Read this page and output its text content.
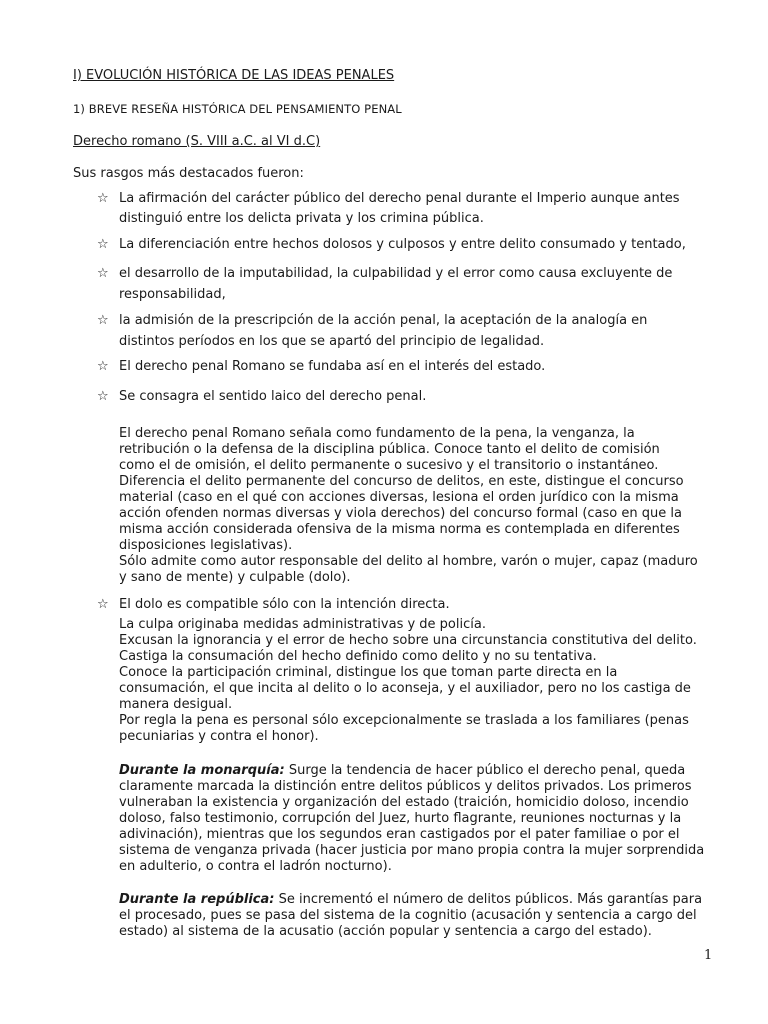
I) EVOLUCIÓN HISTÓRICA DE LAS IDEAS PENALES
1) BREVE RESEÑA HISTÓRICA DEL PENSAMIENTO PENAL
Derecho romano (S. VIII a.C. al VI d.C)
Sus rasgos más destacados fueron:
☆ La afirmación del carácter público del derecho penal durante el Imperio aunque antes
distinguió entre los delicta privata y los crimina pública.
☆ La diferenciación entre hechos dolosos y culposos y entre delito consumado y tentado,
☆ el desarrollo de la imputabilidad, la culpabilidad y el error como causa excluyente de
responsabilidad,
☆ la admisión de la prescripción de la acción penal, la aceptación de la analogía en
distintos períodos en los que se apartó del principio de legalidad.
☆ El derecho penal Romano se fundaba así en el interés del estado.
☆ Se consagra el sentido laico del derecho penal.
El derecho penal Romano señala como fundamento de la pena, la venganza, la
retribución o la defensa de la disciplina pública. Conoce tanto el delito de comisión
como el de omisión, el delito permanente o sucesivo y el transitorio o instantáneo.
Diferencia el delito permanente del concurso de delitos, en este, distingue el concurso
material (caso en el qué con acciones diversas, lesiona el orden jurídico con la misma
acción ofenden normas diversas y viola derechos) del concurso formal (caso en que la
misma acción considerada ofensiva de la misma norma es contemplada en diferentes
disposiciones legislativas).
Sólo admite como autor responsable del delito al hombre, varón o mujer, capaz (maduro
y sano de mente) y culpable (dolo).
☆ El dolo es compatible sólo con la intención directa.
La culpa originaba medidas administrativas y de policía.
Excusan la ignorancia y el error de hecho sobre una circunstancia constitutiva del delito.
Castiga la consumación del hecho definido como delito y no su tentativa.
Conoce la participación criminal, distingue los que toman parte directa en la
consumación, el que incita al delito o lo aconseja, y el auxiliador, pero no los castiga de
manera desigual.
Por regla la pena es personal sólo excepcionalmente se traslada a los familiares (penas
pecuniarias y contra el honor).
Durante la monarquía: Surge la tendencia de hacer público el derecho penal, queda
claramente marcada la distinción entre delitos públicos y delitos privados. Los primeros
vulneraban la existencia y organización del estado (traición, homicidio doloso, incendio
doloso, falso testimonio, corrupción del Juez, hurto flagrante, reuniones nocturnas y la
adivinación), mientras que los segundos eran castigados por el pater familiae o por el
sistema de venganza privada (hacer justicia por mano propia contra la mujer sorprendida
en adulterio, o contra el ladrón nocturno).
Durante la república: Se incrementó el número de delitos públicos. Más garantías para
el procesado, pues se pasa del sistema de la cognitio (acusación y sentencia a cargo del
estado) al sistema de la acusatio (acción popular y sentencia a cargo del estado).
1
